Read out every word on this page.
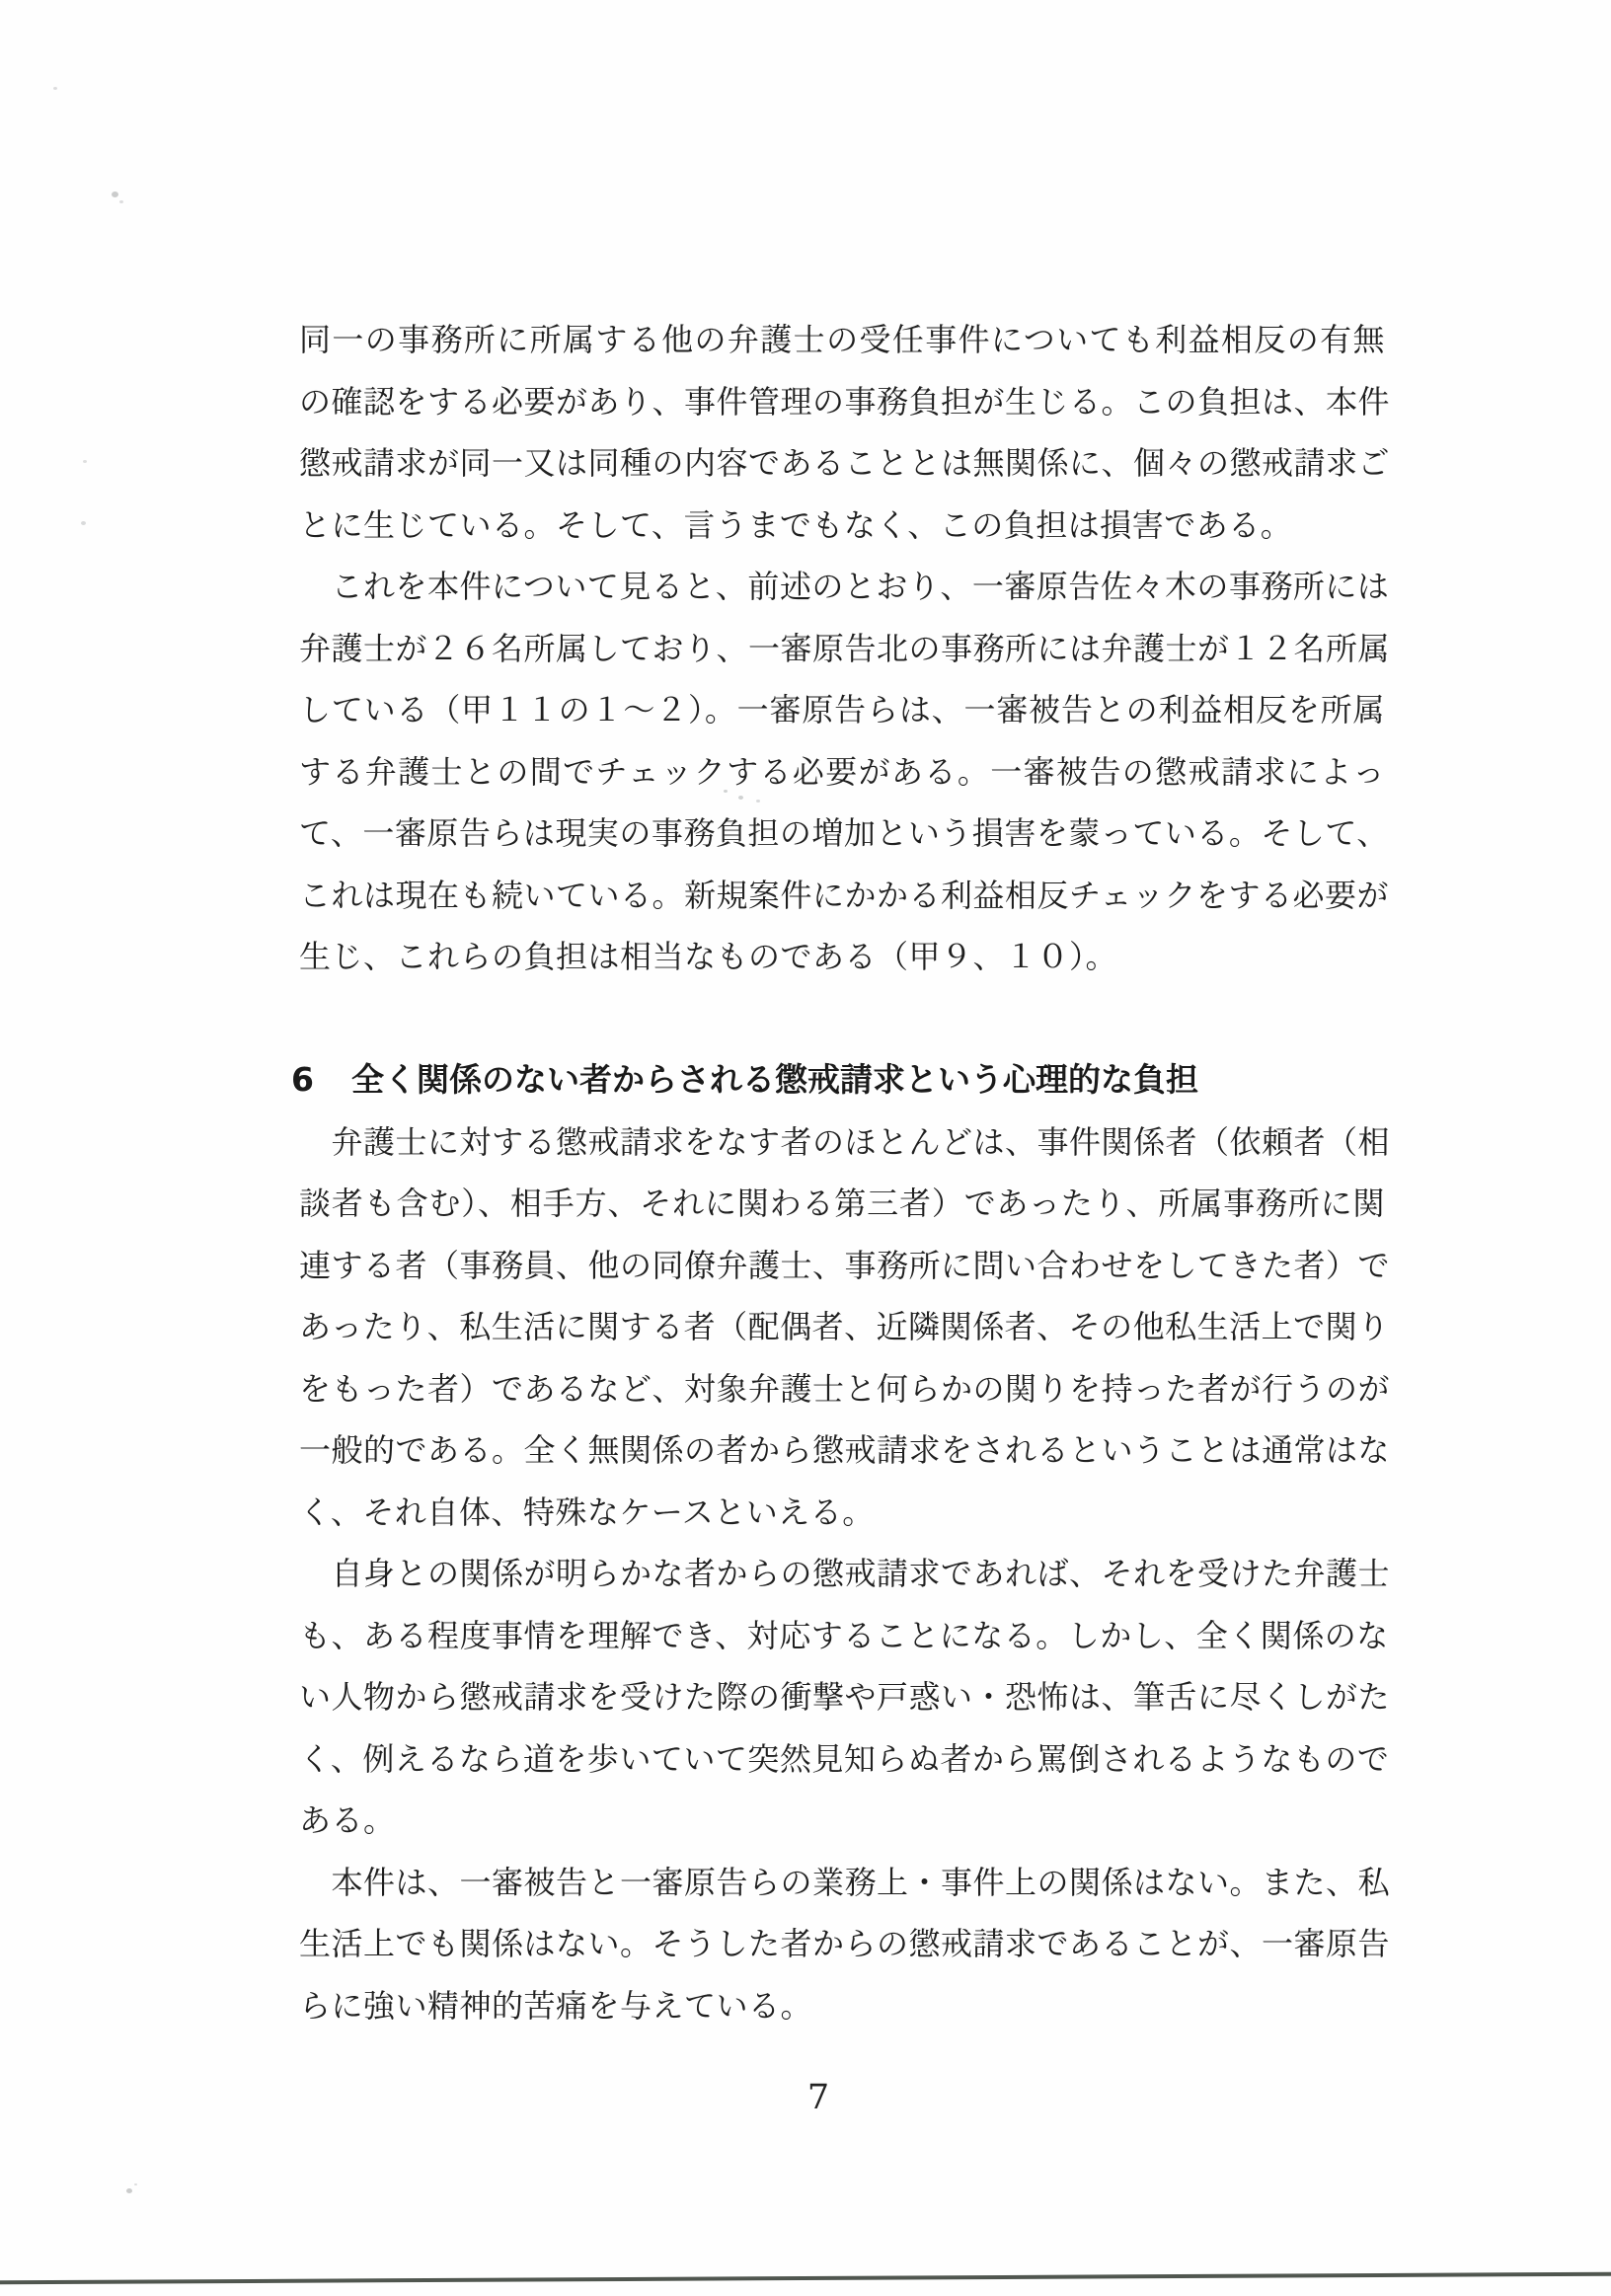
同一の事務所に所属する他の弁護士の受任事件についても利益相反の有無
の確認をする必要があり、事件管理の事務負担が生じる。この負担は、本件
懲戒請求が同一又は同種の内容であることとは無関係に、個々の懲戒請求ご
とに生じている。そして、言うまでもなく、この負担は損害である。
　これを本件について見ると、前述のとおり、一審原告佐々木の事務所には
弁護士が２６名所属しており、一審原告北の事務所には弁護士が１２名所属
している（甲１１の１～２）。一審原告らは、一審被告との利益相反を所属
する弁護士との間でチェックする必要がある。一審被告の懲戒請求によっ
て、一審原告らは現実の事務負担の増加という損害を蒙っている。そして、
これは現在も続いている。新規案件にかかる利益相反チェックをする必要が
生じ、これらの負担は相当なものである（甲９、１０）。
6 全く関係のない者からされる懲戒請求という心理的な負担
　弁護士に対する懲戒請求をなす者のほとんどは、事件関係者（依頼者（相
談者も含む）、相手方、それに関わる第三者）であったり、所属事務所に関
連する者（事務員、他の同僚弁護士、事務所に問い合わせをしてきた者）で
あったり、私生活に関する者（配偶者、近隣関係者、その他私生活上で関り
をもった者）であるなど、対象弁護士と何らかの関りを持った者が行うのが
一般的である。全く無関係の者から懲戒請求をされるということは通常はな
く、それ自体、特殊なケースといえる。
　自身との関係が明らかな者からの懲戒請求であれば、それを受けた弁護士
も、ある程度事情を理解でき、対応することになる。しかし、全く関係のな
い人物から懲戒請求を受けた際の衝撃や戸惑い・恐怖は、筆舌に尽くしがた
く、例えるなら道を歩いていて突然見知らぬ者から罵倒されるようなもので
ある。
　本件は、一審被告と一審原告らの業務上・事件上の関係はない。また、私
生活上でも関係はない。そうした者からの懲戒請求であることが、一審原告
らに強い精神的苦痛を与えている。
7
